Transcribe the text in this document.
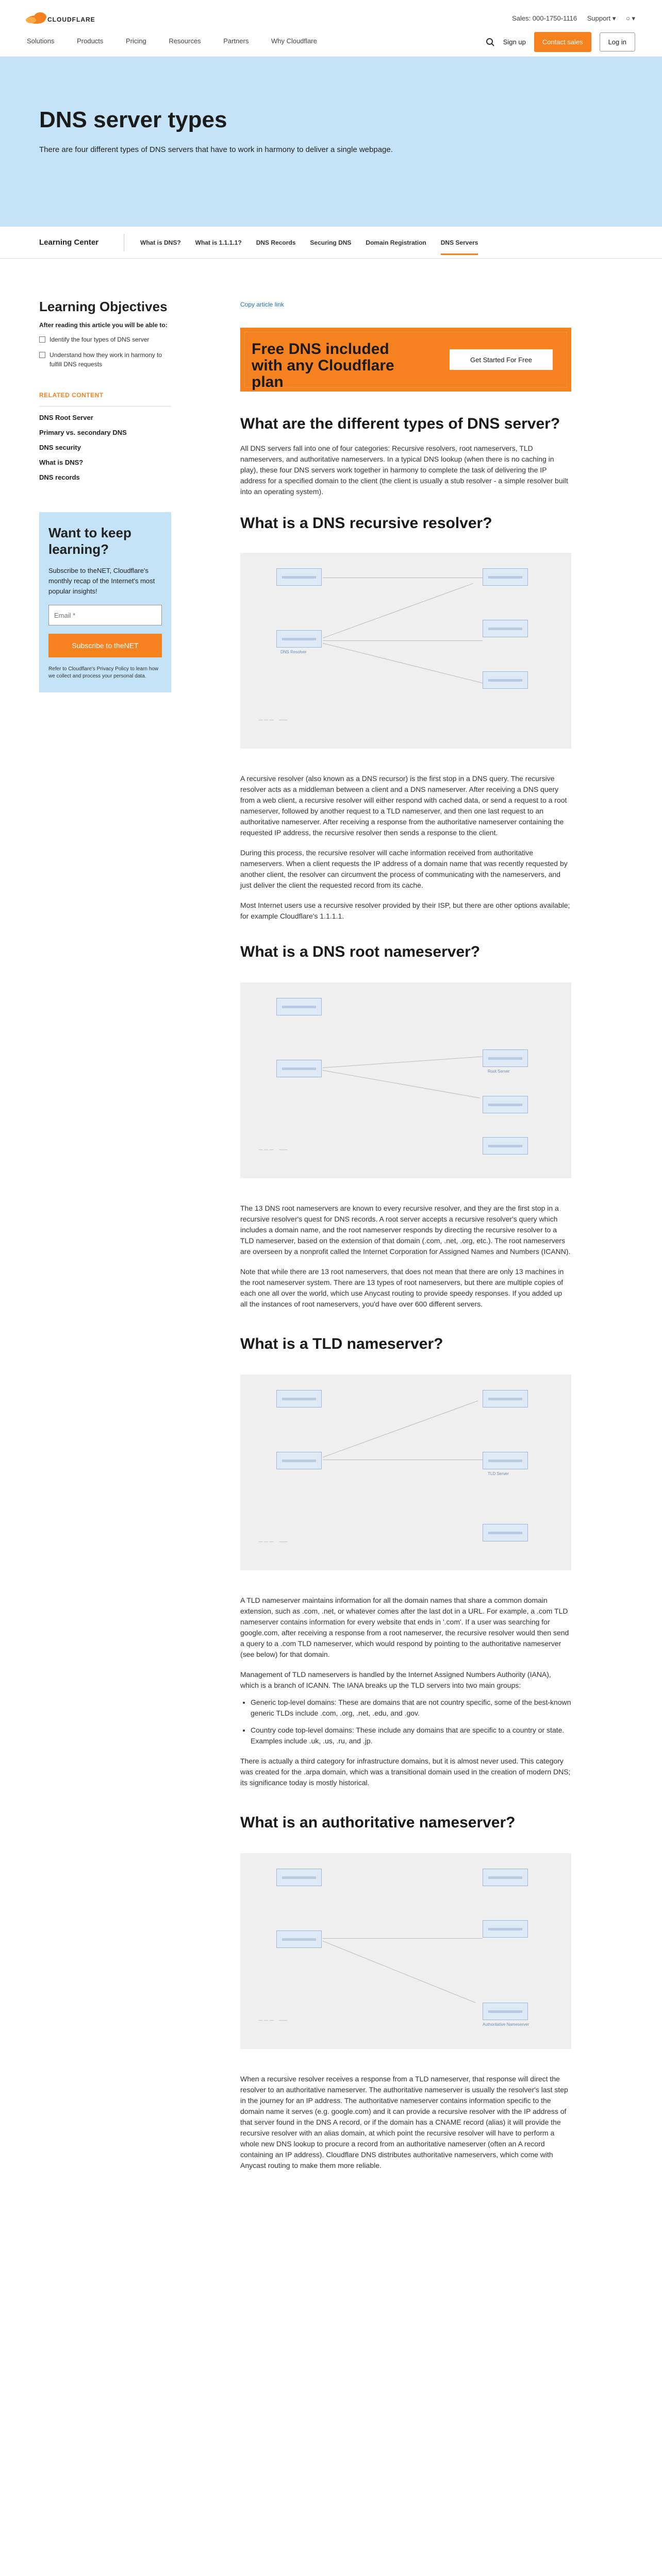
CLOUDFLARE	Sales: 000-1750-1116 Support ▾ ○ ▾
Solutions	Products	Pricing	Resources	Partners	Why Cloudflare	Sign up	Contact sales	Log in
DNS server types

There are four different types of DNS servers that have to work in harmony to deliver a single webpage.

Learning Center	What is DNS? What is 1.1.1.1? DNS Records Securing DNS Domain Registration DNS Servers
Learning Objectives
After reading this article you will be able to:
Identify the four types of DNS server
Understand how they work in harmony to fulfill DNS requests
RELATED CONTENT
DNS Root Server
Primary vs. secondary DNS
DNS security
What is DNS?
DNS records
Want to keep learning?

Subscribe to theNET, Cloudflare's monthly recap of the Internet's most popular insights!

Email * Subscribe to theNET
Refer to Cloudflare's Privacy Policy to learn how we collect and process your personal data.
Copy article link
Free DNS included with any Cloudflare plan
Get Started For Free
What are the different types of DNS server?

All DNS servers fall into one of four categories: Recursive resolvers, root nameservers, TLD nameservers, and authoritative nameservers. In a typical DNS lookup (when there is no caching in play), these four DNS servers work together in harmony to complete the task of delivering the IP address for a specified domain to the client (the client is usually a stub resolver - a simple resolver built into an operating system).

What is a DNS recursive resolver?
DNS Resolver
— — —     ——

A recursive resolver (also known as a DNS recursor) is the first stop in a DNS query. The recursive resolver acts as a middleman between a client and a DNS nameserver. After receiving a DNS query from a web client, a recursive resolver will either respond with cached data, or send a request to a root nameserver, followed by another request to a TLD nameserver, and then one last request to an authoritative nameserver. After receiving a response from the authoritative nameserver containing the requested IP address, the recursive resolver then sends a response to the client.

During this process, the recursive resolver will cache information received from authoritative nameservers. When a client requests the IP address of a domain name that was recently requested by another client, the resolver can circumvent the process of communicating with the nameservers, and just deliver the client the requested record from its cache.

Most Internet users use a recursive resolver provided by their ISP, but there are other options available; for example Cloudflare's 1.1.1.1.

What is a DNS root nameserver?
Root Server
— — —     ——

The 13 DNS root nameservers are known to every recursive resolver, and they are the first stop in a recursive resolver's quest for DNS records. A root server accepts a recursive resolver's query which includes a domain name, and the root nameserver responds by directing the recursive resolver to a TLD nameserver, based on the extension of that domain (.com, .net, .org, etc.). The root nameservers are overseen by a nonprofit called the Internet Corporation for Assigned Names and Numbers (ICANN).

Note that while there are 13 root nameservers, that does not mean that there are only 13 machines in the root nameserver system. There are 13 types of root nameservers, but there are multiple copies of each one all over the world, which use Anycast routing to provide speedy responses. If you added up all the instances of root nameservers, you'd have over 600 different servers.

What is a TLD nameserver?
TLD Server
— — —     ——

A TLD nameserver maintains information for all the domain names that share a common domain extension, such as .com, .net, or whatever comes after the last dot in a URL. For example, a .com TLD nameserver contains information for every website that ends in '.com'. If a user was searching for google.com, after receiving a response from a root nameserver, the recursive resolver would then send a query to a .com TLD nameserver, which would respond by pointing to the authoritative nameserver (see below) for that domain.

Management of TLD nameservers is handled by the Internet Assigned Numbers Authority (IANA), which is a branch of ICANN. The IANA breaks up the TLD servers into two main groups:

• Generic top-level domains: These are domains that are not country specific, some of the best-known generic TLDs include .com, .org, .net, .edu, and .gov.
• Country code top-level domains: These include any domains that are specific to a country or state. Examples include .uk, .us, .ru, and .jp.

There is actually a third category for infrastructure domains, but it is almost never used. This category was created for the .arpa domain, which was a transitional domain used in the creation of modern DNS; its significance today is mostly historical.

What is an authoritative nameserver?
Authoritative Nameserver
— — —     ——

When a recursive resolver receives a response from a TLD nameserver, that response will direct the resolver to an authoritative nameserver. The authoritative nameserver is usually the resolver's last step in the journey for an IP address. The authoritative nameserver contains information specific to the domain name it serves (e.g. google.com) and it can provide a recursive resolver with the IP address of that server found in the DNS A record, or if the domain has a CNAME record (alias) it will provide the recursive resolver with an alias domain, at which point the recursive resolver will have to perform a whole new DNS lookup to procure a record from an authoritative nameserver (often an A record containing an IP address). Cloudflare DNS distributes authoritative nameservers, which come with Anycast routing to make them more reliable.
